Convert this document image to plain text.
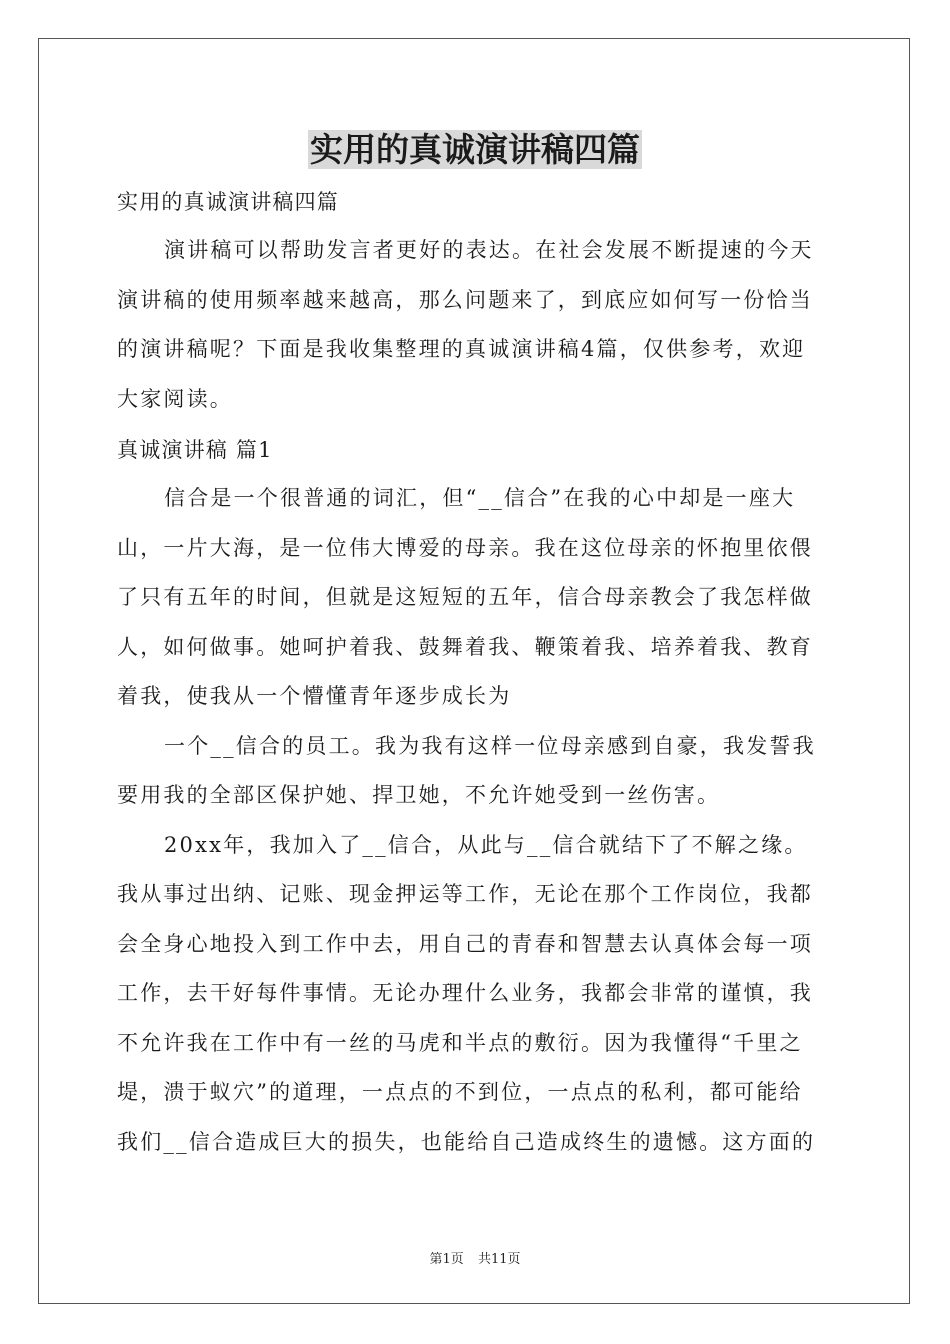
实用的真诚演讲稿四篇

实用的真诚演讲稿四篇

演讲稿可以帮助发言者更好的表达。在社会发展不断提速的今天

演讲稿的使用频率越来越高，那么问题来了，到底应如何写一份恰当

的演讲稿呢？下面是我收集整理的真诚演讲稿4篇，仅供参考，欢迎

大家阅读。

真诚演讲稿 篇1

信合是一个很普通的词汇，但“__信合”在我的心中却是一座大

山，一片大海，是一位伟大博爱的母亲。我在这位母亲的怀抱里依偎

了只有五年的时间，但就是这短短的五年，信合母亲教会了我怎样做

人，如何做事。她呵护着我、鼓舞着我、鞭策着我、培养着我、教育

着我，使我从一个懵懂青年逐步成长为

一个__信合的员工。我为我有这样一位母亲感到自豪，我发誓我

要用我的全部区保护她、捍卫她，不允许她受到一丝伤害。

20xx年，我加入了__信合，从此与__信合就结下了不解之缘。

我从事过出纳、记账、现金押运等工作，无论在那个工作岗位，我都

会全身心地投入到工作中去，用自己的青春和智慧去认真体会每一项

工作，去干好每件事情。无论办理什么业务，我都会非常的谨慎，我

不允许我在工作中有一丝的马虎和半点的敷衍。因为我懂得“千里之

堤，溃于蚁穴”的道理，一点点的不到位，一点点的私利，都可能给

我们__信合造成巨大的损失，也能给自己造成终生的遗憾。这方面的

第1页 共11页
